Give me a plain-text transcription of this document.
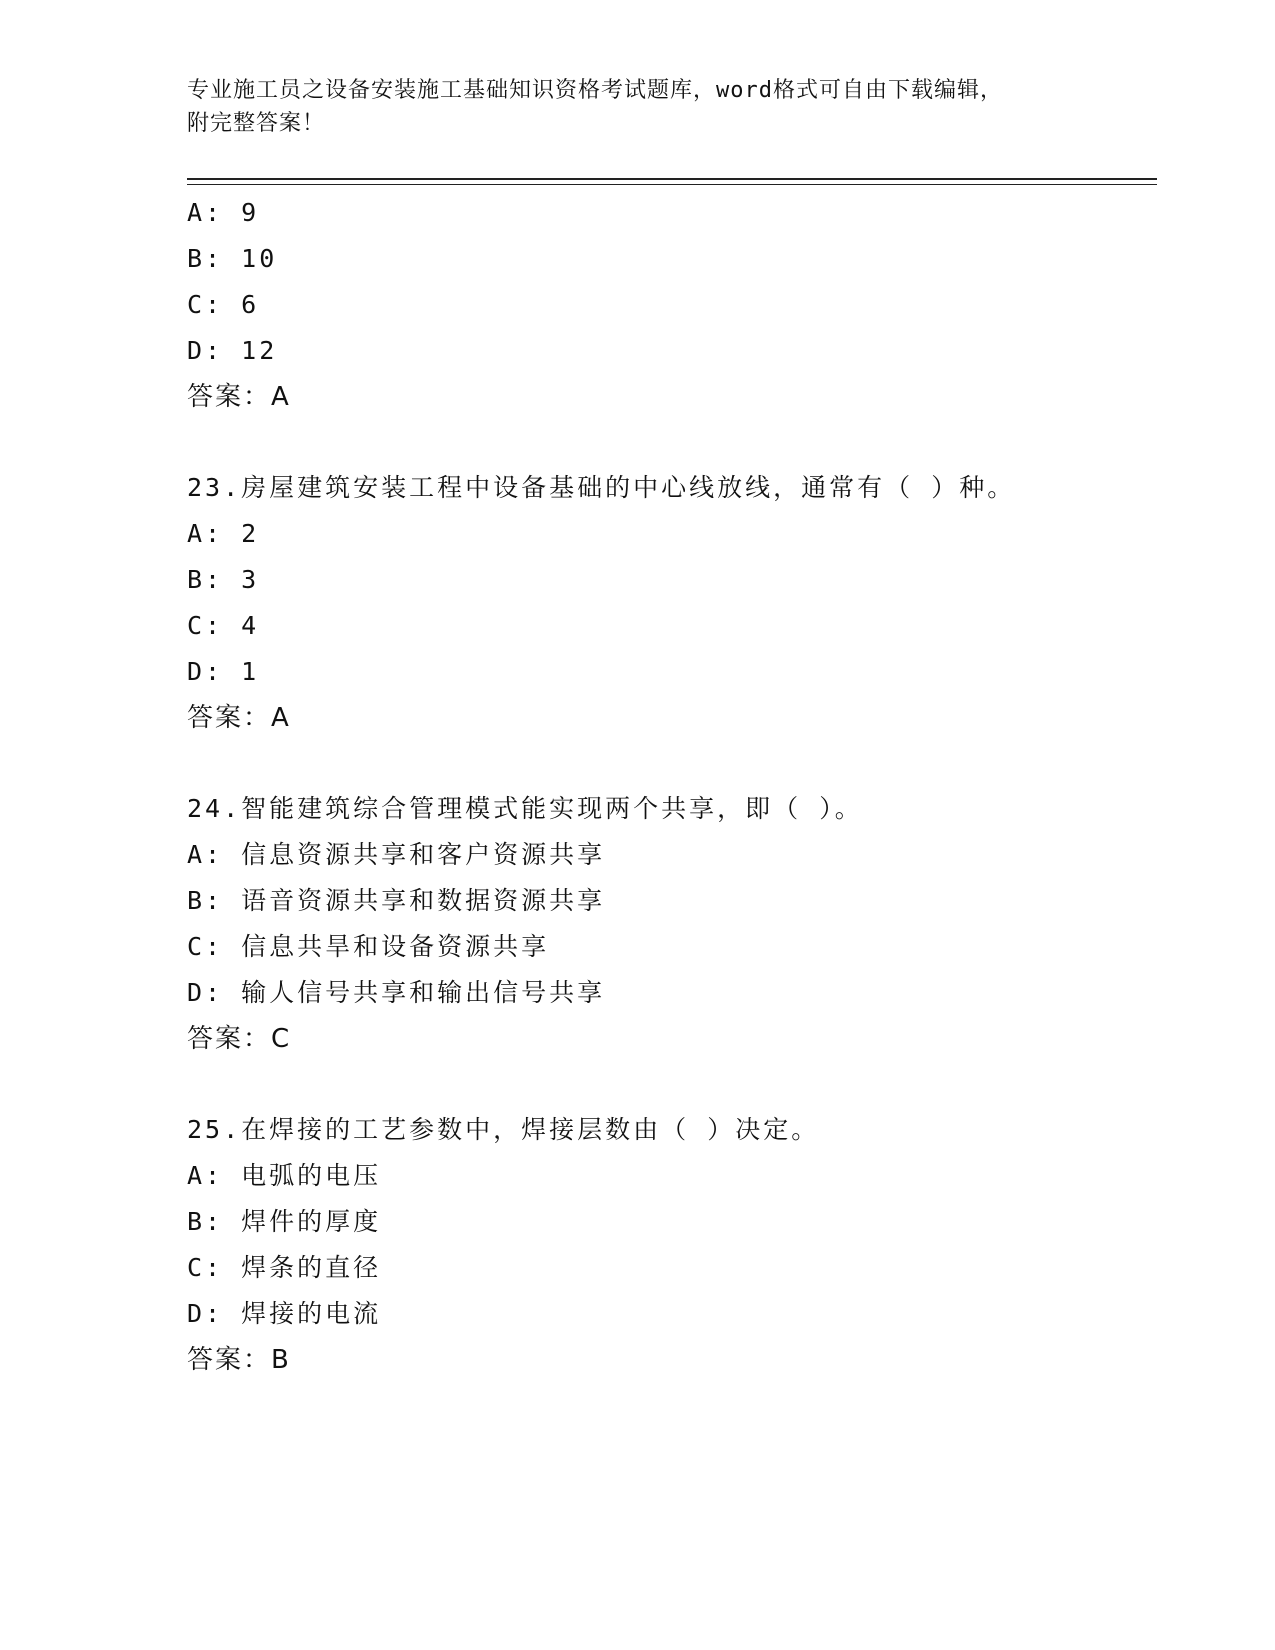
专业施工员之设备安装施工基础知识资格考试题库，word格式可自由下载编辑，
附完整答案！
A: 9
B: 10
C: 6
D: 12
答案：A
23.房屋建筑安装工程中设备基础的中心线放线，通常有（ ）种。
A: 2
B: 3
C: 4
D: 1
答案：A
24.智能建筑综合管理模式能实现两个共享，即（ ）。
A: 信息资源共享和客户资源共享
B: 语音资源共享和数据资源共享
C: 信息共旱和设备资源共享
D: 输人信号共享和输出信号共享
答案：C
25.在焊接的工艺参数中，焊接层数由（ ）决定。
A: 电弧的电压
B: 焊件的厚度
C: 焊条的直径
D: 焊接的电流
答案：B
